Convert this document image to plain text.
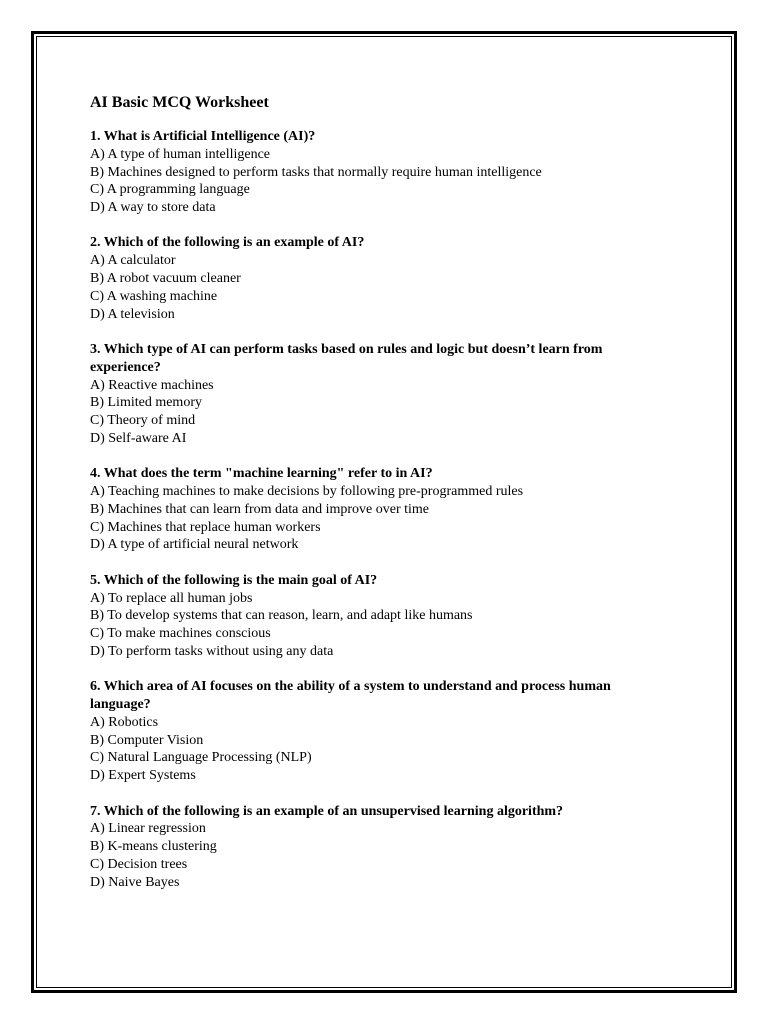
AI Basic MCQ Worksheet
1. What is Artificial Intelligence (AI)?
A) A type of human intelligence
B) Machines designed to perform tasks that normally require human intelligence
C) A programming language
D) A way to store data
2. Which of the following is an example of AI?
A) A calculator
B) A robot vacuum cleaner
C) A washing machine
D) A television
3. Which type of AI can perform tasks based on rules and logic but doesn’t learn from experience?
A) Reactive machines
B) Limited memory
C) Theory of mind
D) Self-aware AI
4. What does the term "machine learning" refer to in AI?
A) Teaching machines to make decisions by following pre-programmed rules
B) Machines that can learn from data and improve over time
C) Machines that replace human workers
D) A type of artificial neural network
5. Which of the following is the main goal of AI?
A) To replace all human jobs
B) To develop systems that can reason, learn, and adapt like humans
C) To make machines conscious
D) To perform tasks without using any data
6. Which area of AI focuses on the ability of a system to understand and process human language?
A) Robotics
B) Computer Vision
C) Natural Language Processing (NLP)
D) Expert Systems
7. Which of the following is an example of an unsupervised learning algorithm?
A) Linear regression
B) K-means clustering
C) Decision trees
D) Naive Bayes
